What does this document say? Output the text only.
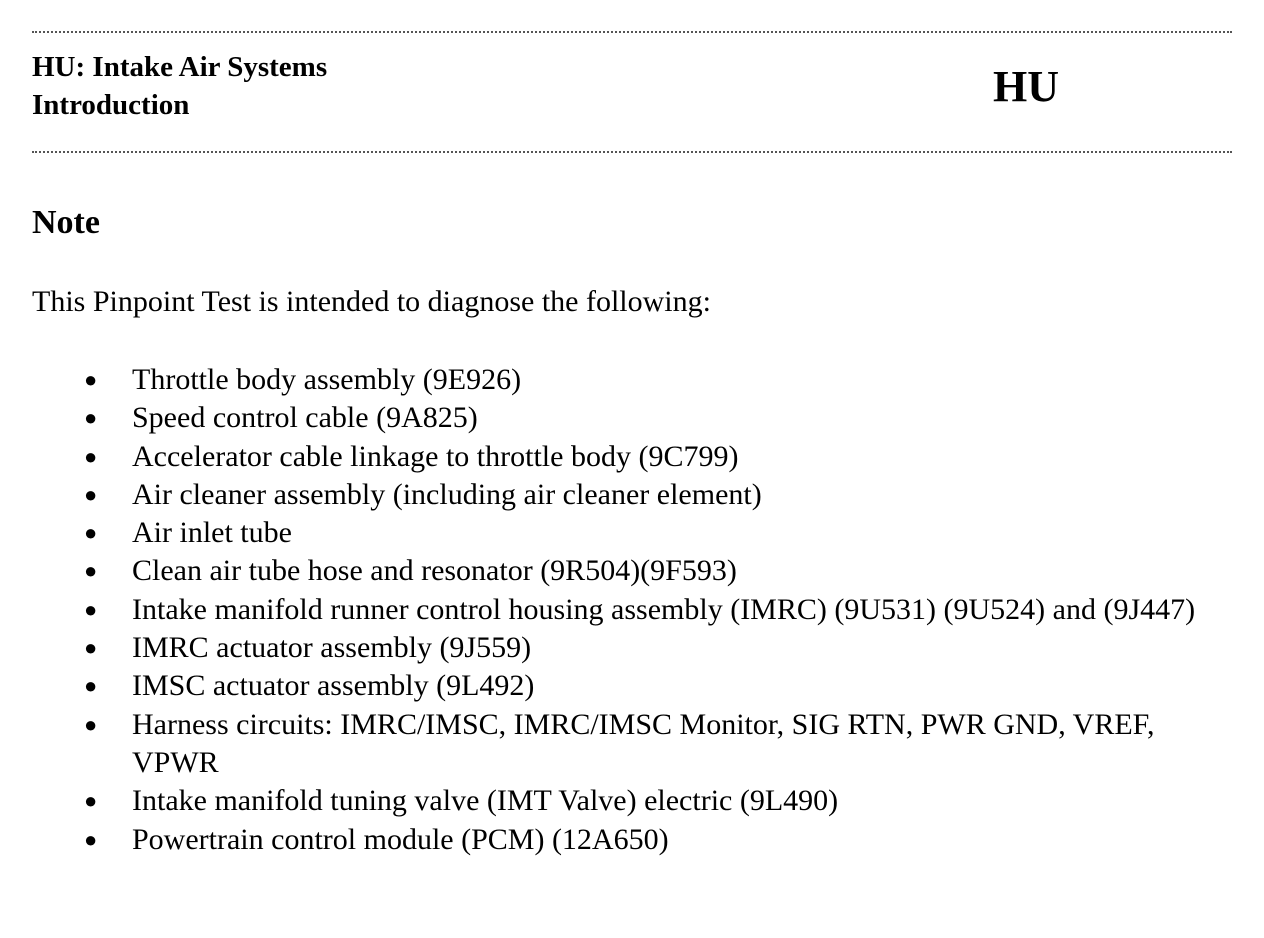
HU: Intake Air Systems
Introduction	HU
Note
This Pinpoint Test is intended to diagnose the following:
● Throttle body assembly (9E926)
● Speed control cable (9A825)
● Accelerator cable linkage to throttle body (9C799)
● Air cleaner assembly (including air cleaner element)
● Air inlet tube
● Clean air tube hose and resonator (9R504)(9F593)
● Intake manifold runner control housing assembly (IMRC) (9U531) (9U524) and (9J447)
● IMRC actuator assembly (9J559)
● IMSC actuator assembly (9L492)
● Harness circuits: IMRC/IMSC, IMRC/IMSC Monitor, SIG RTN, PWR GND, VREF, VPWR
● Intake manifold tuning valve (IMT Valve) electric (9L490)
● Powertrain control module (PCM) (12A650)
